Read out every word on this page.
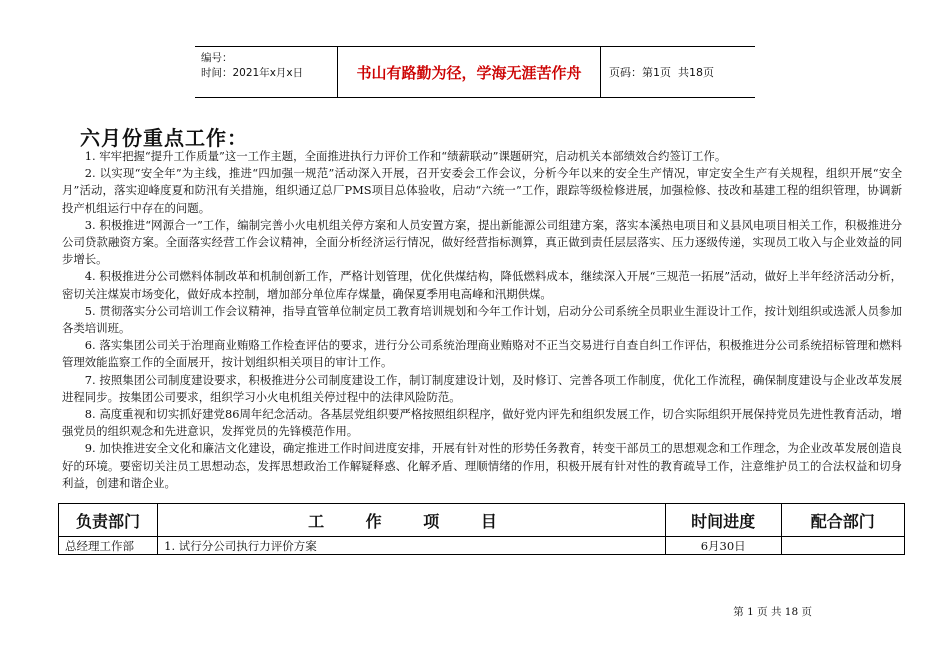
编号：
时间：2021年x月x日	书山有路勤为径，学海无涯苦作舟	页码：第1页  共18页
六月份重点工作：

1. 牢牢把握“提升工作质量”这一工作主题，全面推进执行力评价工作和“绩薪联动”课题研究，启动机关本部绩效合约签订工作。

2. 以实现“安全年”为主线，推进“四加强一规范”活动深入开展，召开安委会工作会议，分析今年以来的安全生产情况，审定安全生产有关规程，组织开展“安全月”活动，落实迎峰度夏和防汛有关措施，组织通辽总厂PMS项目总体验收，启动“六统一”工作，跟踪等级检修进展，加强检修、技改和基建工程的组织管理，协调新投产机组运行中存在的问题。

3. 积极推进“网源合一”工作，编制完善小火电机组关停方案和人员安置方案，提出新能源公司组建方案，落实本溪热电项目和义县风电项目相关工作，积极推进分公司贷款融资方案。全面落实经营工作会议精神，全面分析经济运行情况，做好经营指标测算，真正做到责任层层落实、压力逐级传递，实现员工收入与企业效益的同步增长。

4. 积极推进分公司燃料体制改革和机制创新工作，严格计划管理，优化供煤结构，降低燃料成本，继续深入开展“三规范一拓展”活动，做好上半年经济活动分析，密切关注煤炭市场变化，做好成本控制，增加部分单位库存煤量，确保夏季用电高峰和汛期供煤。

5. 贯彻落实分公司培训工作会议精神，指导直管单位制定员工教育培训规划和今年工作计划，启动分公司系统全员职业生涯设计工作，按计划组织或选派人员参加各类培训班。

6. 落实集团公司关于治理商业贿赂工作检查评估的要求，进行分公司系统治理商业贿赂对不正当交易进行自查自纠工作评估，积极推进分公司系统招标管理和燃料管理效能监察工作的全面展开，按计划组织相关项目的审计工作。

7. 按照集团公司制度建设要求，积极推进分公司制度建设工作，制订制度建设计划，及时修订、完善各项工作制度，优化工作流程，确保制度建设与企业改革发展进程同步。按集团公司要求，组织学习小火电机组关停过程中的法律风险防范。

8. 高度重视和切实抓好建党86周年纪念活动。各基层党组织要严格按照组织程序，做好党内评先和组织发展工作，切合实际组织开展保持党员先进性教育活动，增强党员的组织观念和先进意识，发挥党员的先锋模范作用。

9. 加快推进安全文化和廉洁文化建设，确定推进工作时间进度安排，开展有针对性的形势任务教育，转变干部员工的思想观念和工作理念，为企业改革发展创造良好的环境。要密切关注员工思想动态，发挥思想政治工作解疑释惑、化解矛盾、理顺情绪的作用，积极开展有针对性的教育疏导工作，注意维护员工的合法权益和切身利益，创建和谐企业。

负责部门	工 作 项 目	时间进度	配合部门
总经理工作部	1. 试行分公司执行力评价方案	6月30日	
第 1 页 共 18 页
